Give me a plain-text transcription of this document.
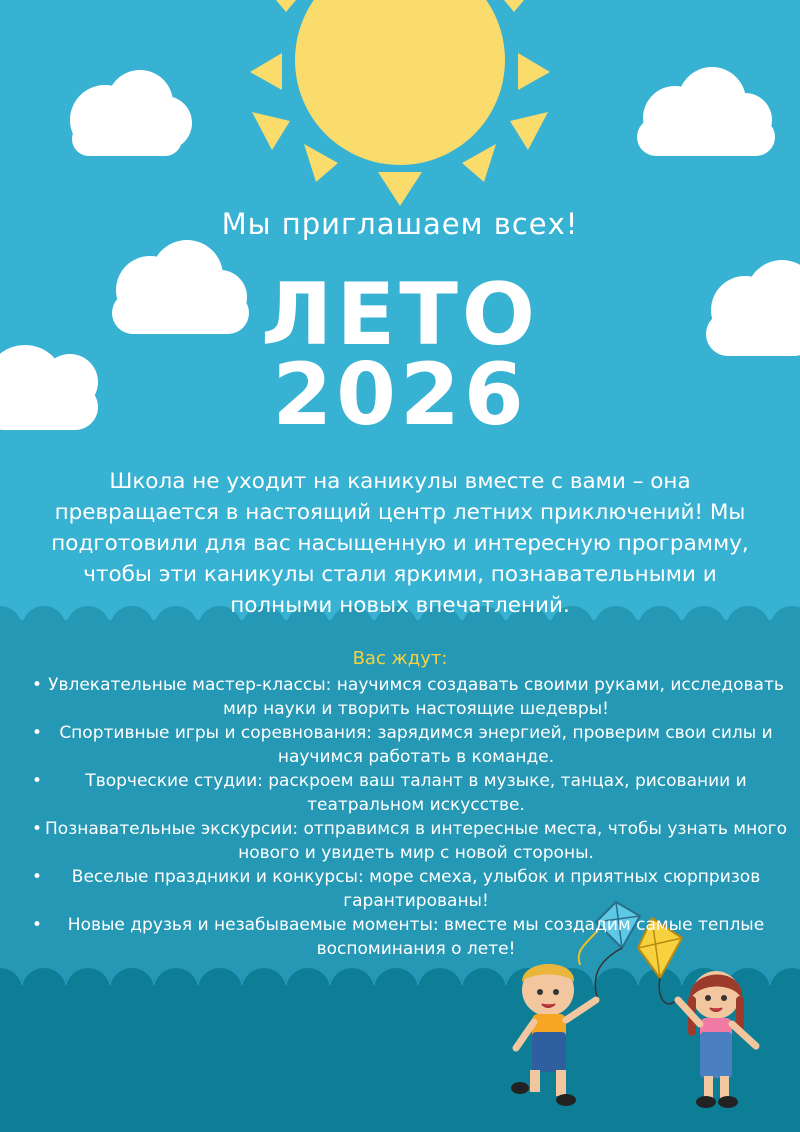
Мы приглашаем всех!
ЛЕТО
2026
Школа не уходит на каникулы вместе с вами – она превращается в настоящий центр летних приключений! Мы подготовили для вас насыщенную и интересную программу, чтобы эти каникулы стали яркими, познавательными и полными новых впечатлений.
Вас ждут:
• Увлекательные мастер-классы: научимся создавать своими руками, исследовать мир науки и творить настоящие шедевры!
• Спортивные игры и соревнования: зарядимся энергией, проверим свои силы и научимся работать в команде.
• Творческие студии: раскроем ваш талант в музыке, танцах, рисовании и театральном искусстве.
• Познавательные экскурсии: отправимся в интересные места, чтобы узнать много нового и увидеть мир с новой стороны.
• Веселые праздники и конкурсы: море смеха, улыбок и приятных сюрпризов гарантированы!
• Новые друзья и незабываемые моменты: вместе мы создадим самые теплые воспоминания о лете!
